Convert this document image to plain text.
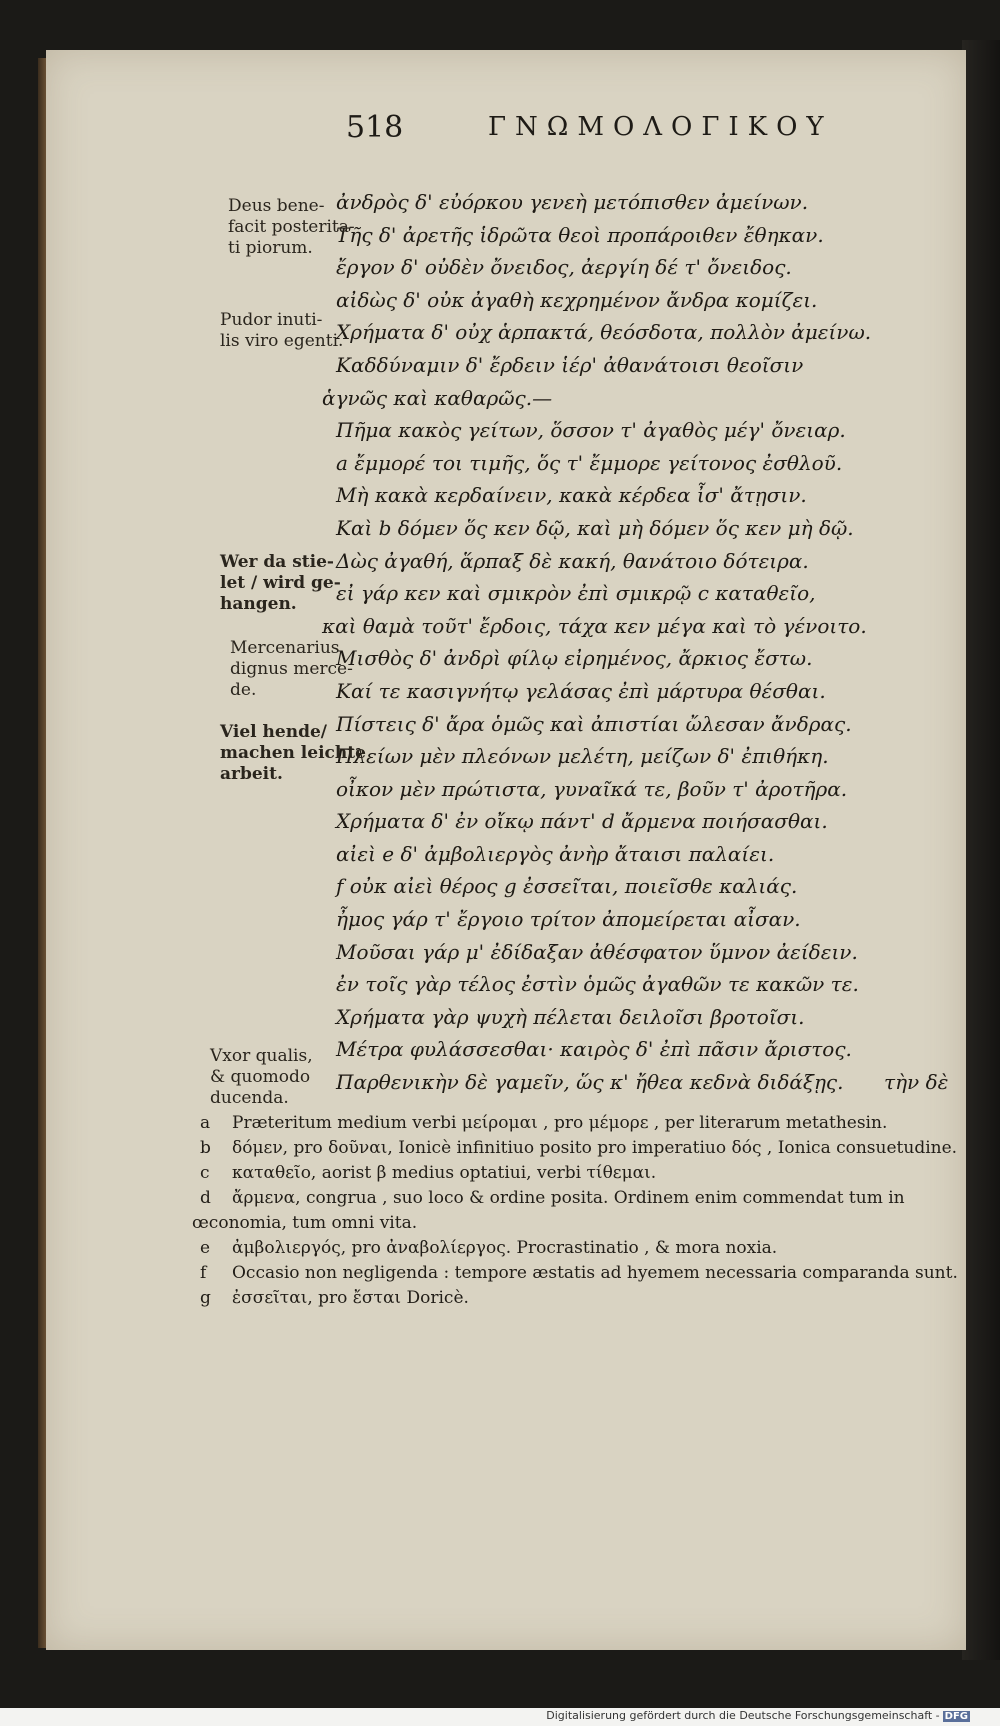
518	ΓΝΩΜΟΛΟΓΙΚΟΥ
ἀνδρὸς δ' εὐόρκου γενεὴ μετόπισθεν ἀμείνων.
Τῆς δ' ἀρετῆς ἱδρῶτα θεοὶ προπάροιθεν ἔθηκαν.
ἔργον δ' οὐδὲν ὄνειδος, ἀεργίη δέ τ' ὄνειδος.
αἰδὼς δ' οὐκ ἀγαθὴ κεχρημένον ἄνδρα κομίζει.
Χρήματα δ' οὐχ ἁρπακτά, θεόσδοτα, πολλὸν ἀμείνω.
Καδδύναμιν δ' ἔρδειν ἱέρ' ἀθανάτοισι θεοῖσιν
ἁγνῶς καὶ καθαρῶς.—
Πῆμα κακὸς γείτων, ὅσσον τ' ἀγαθὸς μέγ' ὄνειαρ.
a ἔμμορέ τοι τιμῆς, ὅς τ' ἔμμορε γείτονος ἐσθλοῦ.
Μὴ κακὰ κερδαίνειν, κακὰ κέρδεα ἶσ' ἄτῃσιν.
Καὶ b δόμεν ὅς κεν δῷ, καὶ μὴ δόμεν ὅς κεν μὴ δῷ.
Δὼς ἀγαθή, ἅρπαξ δὲ κακή, θανάτοιο δότειρα.
εἰ γάρ κεν καὶ σμικρὸν ἐπὶ σμικρῷ c καταθεῖο,
καὶ θαμὰ τοῦτ' ἔρδοις, τάχα κεν μέγα καὶ τὸ γένοιτο.
Μισθὸς δ' ἀνδρὶ φίλῳ εἰρημένος, ἄρκιος ἔστω.
Καί τε κασιγνήτῳ γελάσας ἐπὶ μάρτυρα θέσθαι.
Πίστεις δ' ἄρα ὁμῶς καὶ ἀπιστίαι ὤλεσαν ἄνδρας.
Πλείων μὲν πλεόνων μελέτη, μείζων δ' ἐπιθήκη.
οἶκον μὲν πρώτιστα, γυναῖκά τε, βοῦν τ' ἀροτῆρα.
Χρήματα δ' ἐν οἴκῳ πάντ' d ἄρμενα ποιήσασθαι.
αἰεὶ e δ' ἀμβολιεργὸς ἀνὴρ ἄταισι παλαίει.
f οὐκ αἰεὶ θέρος g ἐσσεῖται, ποιεῖσθε καλιάς.
ἦμος γάρ τ' ἔργοιο τρίτον ἀπομείρεται αἶσαν.
Μοῦσαι γάρ μ' ἐδίδαξαν ἀθέσφατον ὕμνον ἀείδειν.
ἐν τοῖς γὰρ τέλος ἐστὶν ὁμῶς ἀγαθῶν τε κακῶν τε.
Χρήματα γὰρ ψυχὴ πέλεται δειλοῖσι βροτοῖσι.
Μέτρα φυλάσσεσθαι· καιρὸς δ' ἐπὶ πᾶσιν ἄριστος.
Παρθενικὴν δὲ γαμεῖν, ὥς κ' ἤθεα κεδνὰ διδάξῃς.	τὴν δὲ
Deus bene-
facit posterita-
ti piorum.
Pudor inuti-
lis viro egenti.
Wer da stie-
let / wird ge-
hangen.
Mercenarius
dignus merce-
de.
Viel hende/
machen leichte
arbeit.
Vxor qualis,
& quomodo
ducenda.
a Præteritum medium verbi μείρομαι , pro μέμορε , per literarum metathesin.
b δόμεν, pro δοῦναι, Ionicè infinitiuo posito pro imperatiuo δός , Ionica consuetudine.
c καταθεῖο, aorist β medius optatiui, verbi τίθεμαι.
d ἄρμενα, congrua , suo loco & ordine posita. Ordinem enim commendat tum in
œconomia, tum omni vita.
e ἀμβολιεργός, pro ἀναβολίεργος. Procrastinatio , & mora noxia.
f Occasio non negligenda : tempore æstatis ad hyemem necessaria comparanda sunt.
g ἐσσεῖται, pro ἔσται Doricè.
Digitalisierung gefördert durch die Deutsche Forschungsgemeinschaft - DFG
